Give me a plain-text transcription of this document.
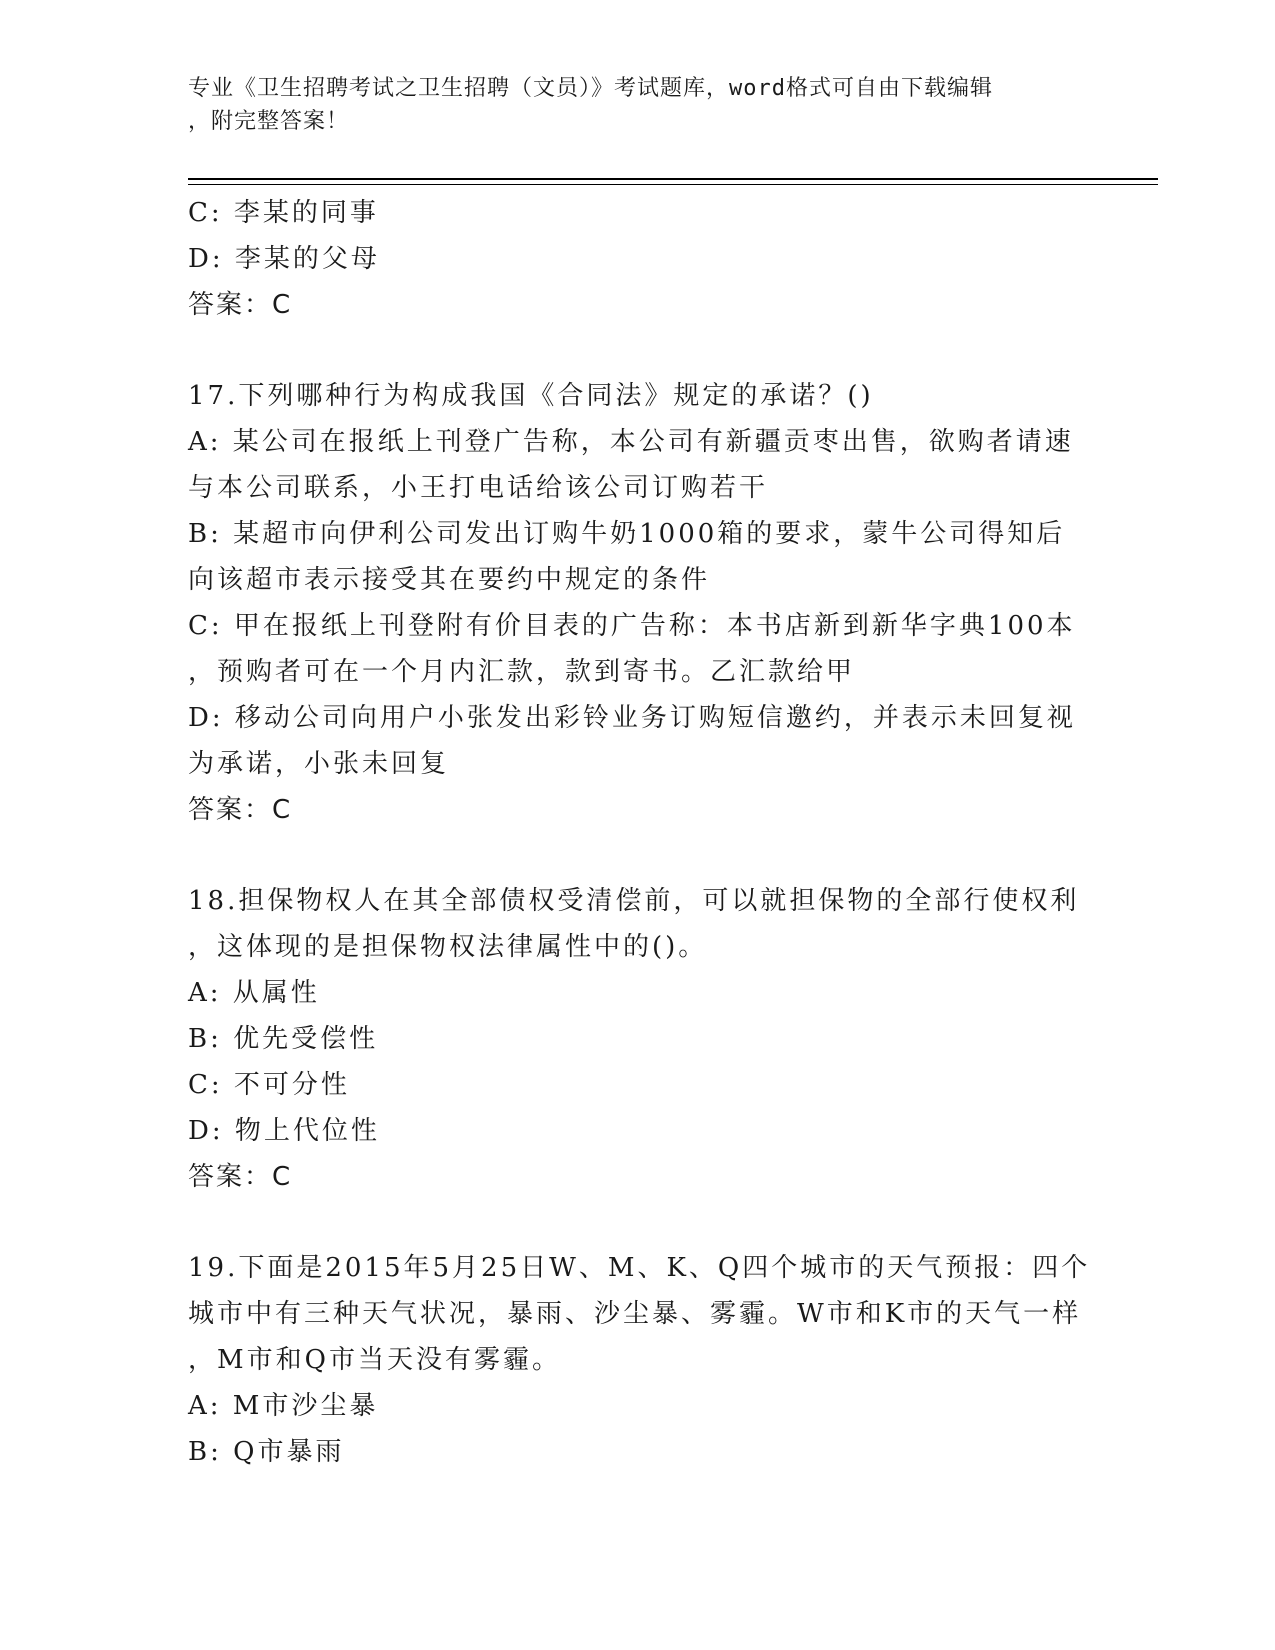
专业《卫生招聘考试之卫生招聘（文员）》考试题库，word格式可自由下载编辑
，附完整答案！
C: 李某的同事
D: 李某的父母
答案：C
17.下列哪种行为构成我国《合同法》规定的承诺？()
A: 某公司在报纸上刊登广告称，本公司有新疆贡枣出售，欲购者请速
与本公司联系，小王打电话给该公司订购若干
B: 某超市向伊利公司发出订购牛奶1000箱的要求，蒙牛公司得知后
向该超市表示接受其在要约中规定的条件
C: 甲在报纸上刊登附有价目表的广告称：本书店新到新华字典100本
，预购者可在一个月内汇款，款到寄书。乙汇款给甲
D: 移动公司向用户小张发出彩铃业务订购短信邀约，并表示未回复视
为承诺，小张未回复
答案：C
18.担保物权人在其全部债权受清偿前，可以就担保物的全部行使权利
，这体现的是担保物权法律属性中的()。
A: 从属性
B: 优先受偿性
C: 不可分性
D: 物上代位性
答案：C
19.下面是2015年5月25日W、M、K、Q四个城市的天气预报：四个
城市中有三种天气状况，暴雨、沙尘暴、雾霾。W市和K市的天气一样
，M市和Q市当天没有雾霾。
A: M市沙尘暴
B: Q市暴雨
